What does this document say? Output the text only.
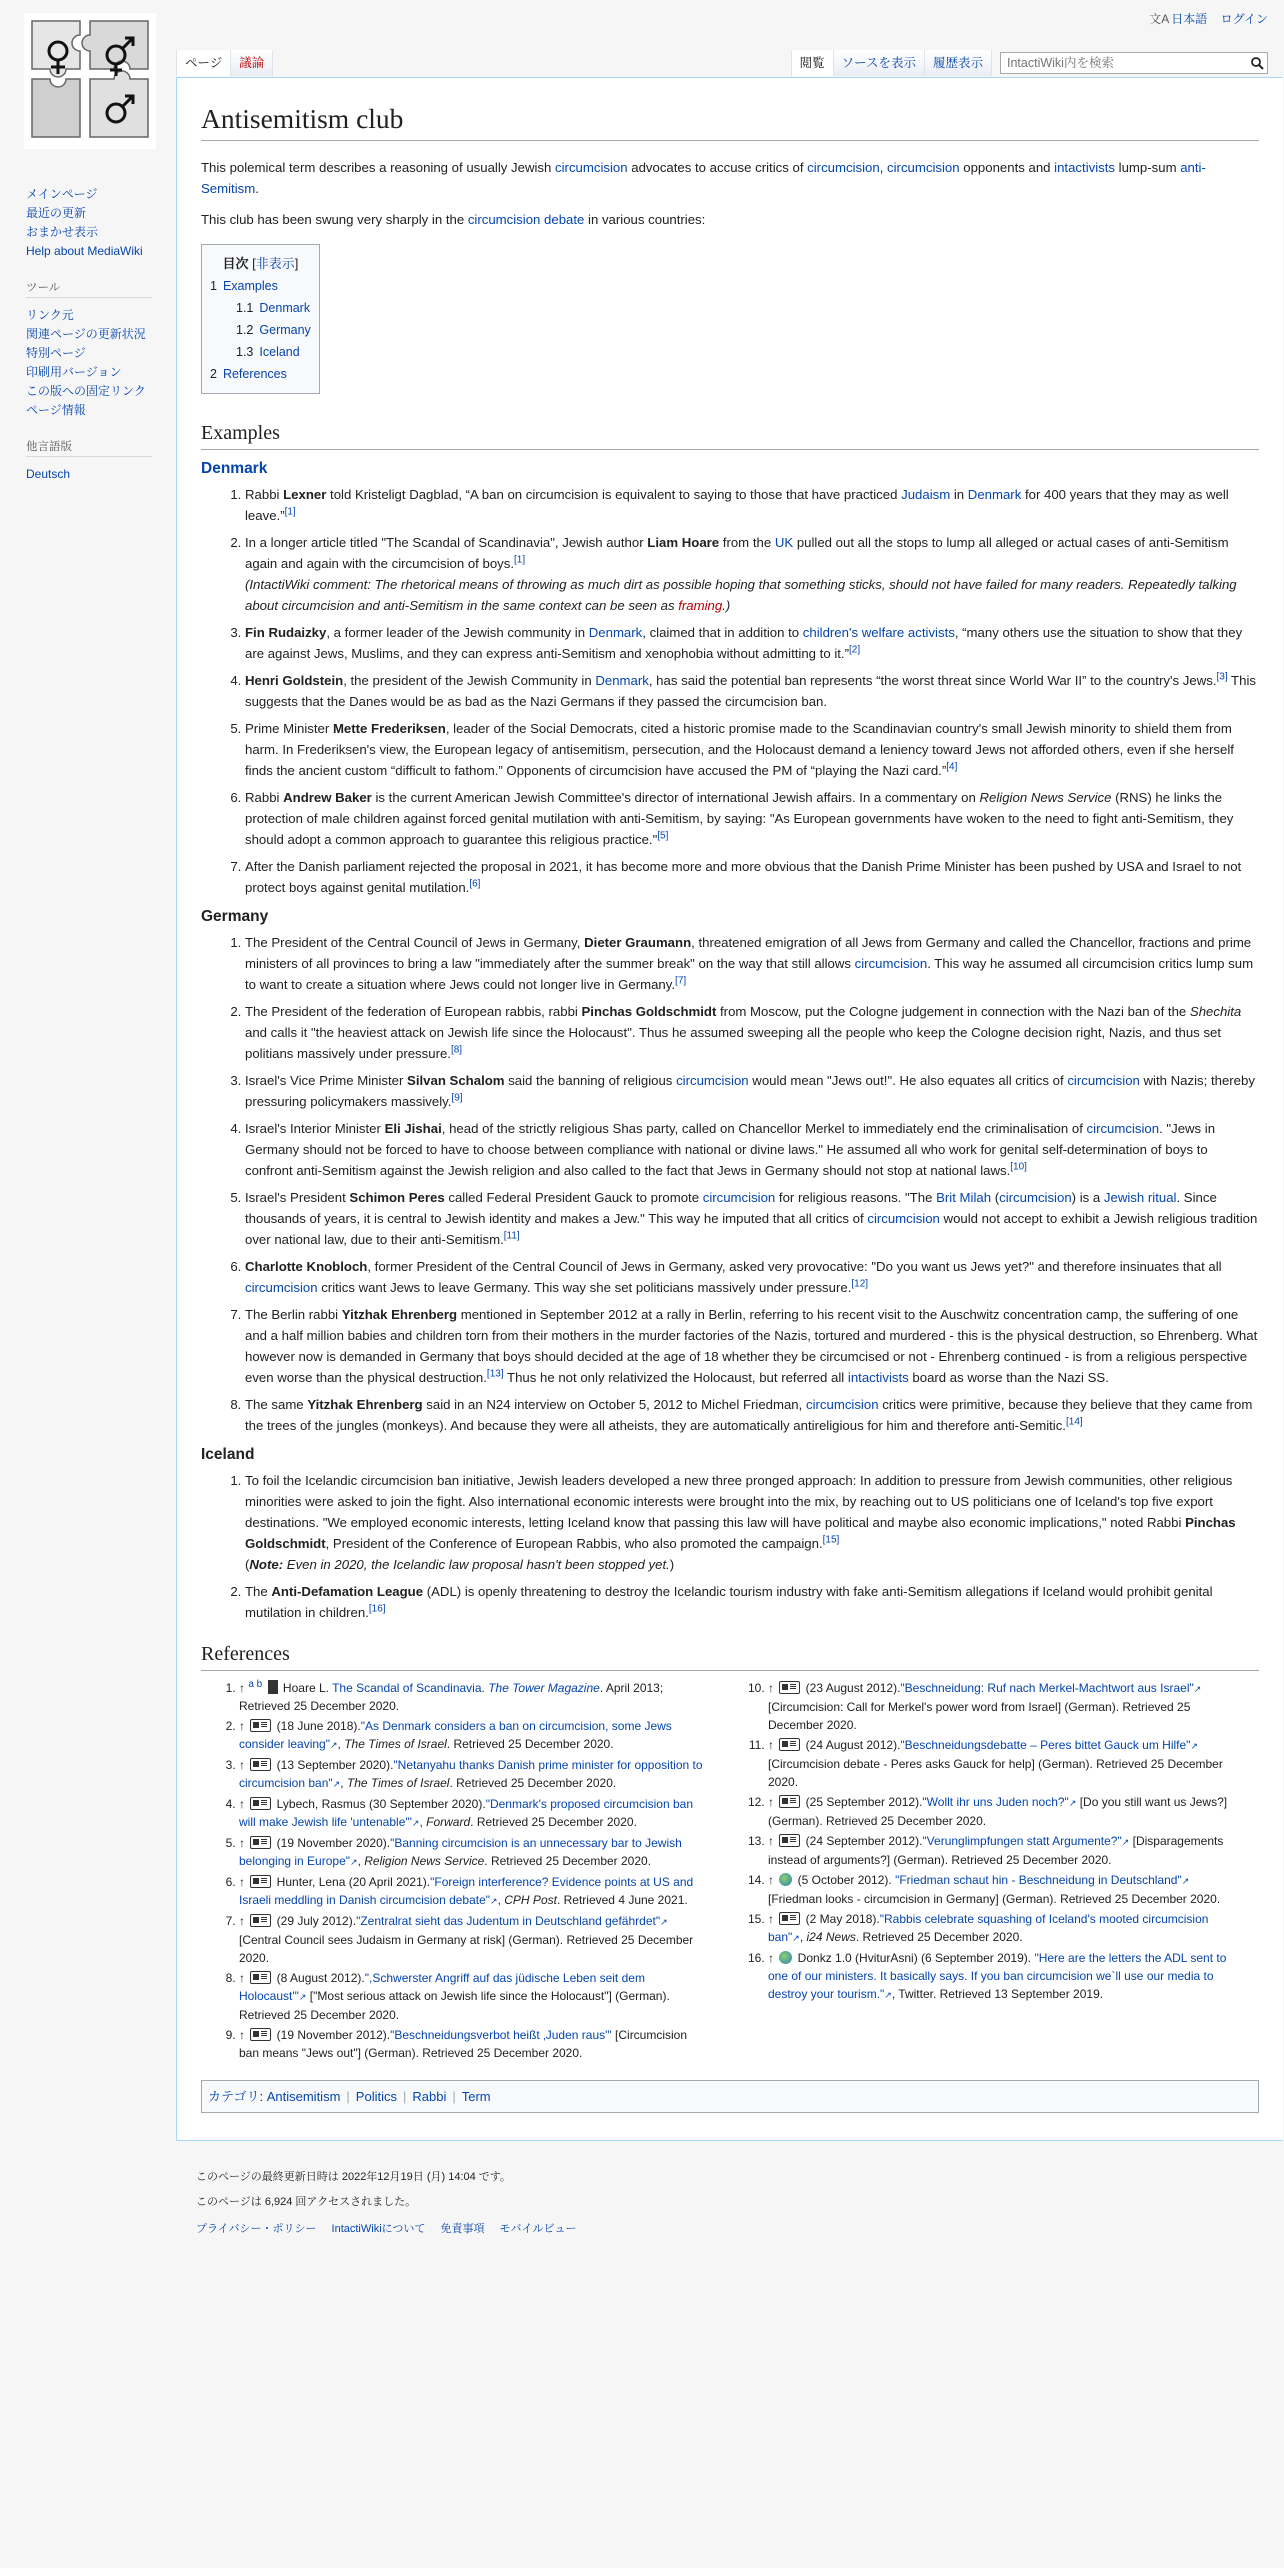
文A 日本語 ログイン
ページ	議論	閲覧	ソースを表示	履歴表示
IntactiWiki内を検索
メインページ
最近の更新
おまかせ表示
Help about MediaWiki
ツール
リンク元
関連ページの更新状況
特別ページ
印刷用バージョン
この版への固定リンク
ページ情報
他言語版
Deutsch
Antisemitism club

This polemical term describes a reasoning of usually Jewish circumcision advocates to accuse critics of circumcision, circumcision opponents and intactivists lump-sum anti-Semitism.

This club has been swung very sharply in the circumcision debate in various countries:

目次 [非表示]
1 Examples
1.1 Denmark
1.2 Germany
1.3 Iceland
2 References
Examples
Denmark
1. Rabbi Lexner told Kristeligt Dagblad, “A ban on circumcision is equivalent to saying to those that have practiced Judaism in Denmark for 400 years that they may as well leave.”[1]
2. In a longer article titled "The Scandal of Scandinavia", Jewish author Liam Hoare from the UK pulled out all the stops to lump all alleged or actual cases of anti-Semitism again and again with the circumcision of boys.[1]
(IntactiWiki comment: The rhetorical means of throwing as much dirt as possible hoping that something sticks, should not have failed for many readers. Repeatedly talking about circumcision and anti-Semitism in the same context can be seen as framing.)
3. Fin Rudaizky, a former leader of the Jewish community in Denmark, claimed that in addition to children's welfare activists, “many others use the situation to show that they are against Jews, Muslims, and they can express anti-Semitism and xenophobia without admitting to it.”[2]
4. Henri Goldstein, the president of the Jewish Community in Denmark, has said the potential ban represents “the worst threat since World War II” to the country's Jews.[3] This suggests that the Danes would be as bad as the Nazi Germans if they passed the circumcision ban.
5. Prime Minister Mette Frederiksen, leader of the Social Democrats, cited a historic promise made to the Scandinavian country's small Jewish minority to shield them from harm. In Frederiksen's view, the European legacy of antisemitism, persecution, and the Holocaust demand a leniency toward Jews not afforded others, even if she herself finds the ancient custom “difficult to fathom.” Opponents of circumcision have accused the PM of “playing the Nazi card.”[4]
6. Rabbi Andrew Baker is the current American Jewish Committee's director of international Jewish affairs. In a commentary on Religion News Service (RNS) he links the protection of male children against forced genital mutilation with anti-Semitism, by saying: "As European governments have woken to the need to fight anti-Semitism, they should adopt a common approach to guarantee this religious practice."[5]
7. After the Danish parliament rejected the proposal in 2021, it has become more and more obvious that the Danish Prime Minister has been pushed by USA and Israel to not protect boys against genital mutilation.[6]
Germany
1. The President of the Central Council of Jews in Germany, Dieter Graumann, threatened emigration of all Jews from Germany and called the Chancellor, fractions and prime ministers of all provinces to bring a law "immediately after the summer break" on the way that still allows circumcision. This way he assumed all circumcision critics lump sum to want to create a situation where Jews could not longer live in Germany.[7]
2. The President of the federation of European rabbis, rabbi Pinchas Goldschmidt from Moscow, put the Cologne judgement in connection with the Nazi ban of the Shechita and calls it "the heaviest attack on Jewish life since the Holocaust". Thus he assumed sweeping all the people who keep the Cologne decision right, Nazis, and thus set politians massively under pressure.[8]
3. Israel's Vice Prime Minister Silvan Schalom said the banning of religious circumcision would mean "Jews out!". He also equates all critics of circumcision with Nazis; thereby pressuring policymakers massively.[9]
4. Israel's Interior Minister Eli Jishai, head of the strictly religious Shas party, called on Chancellor Merkel to immediately end the criminalisation of circumcision. "Jews in Germany should not be forced to have to choose between compliance with national or divine laws." He assumed all who work for genital self-determination of boys to confront anti-Semitism against the Jewish religion and also called to the fact that Jews in Germany should not stop at national laws.[10]
5. Israel's President Schimon Peres called Federal President Gauck to promote circumcision for religious reasons. "The Brit Milah (circumcision) is a Jewish ritual. Since thousands of years, it is central to Jewish identity and makes a Jew." This way he imputed that all critics of circumcision would not accept to exhibit a Jewish religious tradition over national law, due to their anti-Semitism.[11]
6. Charlotte Knobloch, former President of the Central Council of Jews in Germany, asked very provocative: "Do you want us Jews yet?" and therefore insinuates that all circumcision critics want Jews to leave Germany. This way she set politicians massively under pressure.[12]
7. The Berlin rabbi Yitzhak Ehrenberg mentioned in September 2012 at a rally in Berlin, referring to his recent visit to the Auschwitz concentration camp, the suffering of one and a half million babies and children torn from their mothers in the murder factories of the Nazis, tortured and murdered - this is the physical destruction, so Ehrenberg. What however now is demanded in Germany that boys should decided at the age of 18 whether they be circumcised or not - Ehrenberg continued - is from a religious perspective even worse than the physical destruction.[13] Thus he not only relativized the Holocaust, but referred all intactivists board as worse than the Nazi SS.
8. The same Yitzhak Ehrenberg said in an N24 interview on October 5, 2012 to Michel Friedman, circumcision critics were primitive, because they believe that they came from the trees of the jungles (monkeys). And because they were all atheists, they are automatically antireligious for him and therefore anti-Semitic.[14]
Iceland
1. To foil the Icelandic circumcision ban initiative, Jewish leaders developed a new three pronged approach: In addition to pressure from Jewish communities, other religious minorities were asked to join the fight. Also international economic interests were brought into the mix, by reaching out to US politicians one of Iceland's top five export destinations. "We employed economic interests, letting Iceland know that passing this law will have political and maybe also economic implications," noted Rabbi Pinchas Goldschmidt, President of the Conference of European Rabbis, who also promoted the campaign.[15]
(Note: Even in 2020, the Icelandic law proposal hasn't been stopped yet.)
2. The Anti-Defamation League (ADL) is openly threatening to destroy the Icelandic tourism industry with fake anti-Semitism allegations if Iceland would prohibit genital mutilation in children.[16]
References
1. ↑ $^{a b}$  Hoare L. The Scandal of Scandinavia. The Tower Magazine. April 2013; Retrieved 25 December 2020.
2. ↑  (18 June 2018)."As Denmark considers a ban on circumcision, some Jews consider leaving"↗, The Times of Israel. Retrieved 25 December 2020.
3. ↑  (13 September 2020)."Netanyahu thanks Danish prime minister for opposition to circumcision ban"↗, The Times of Israel. Retrieved 25 December 2020.
4. ↑  Lybech, Rasmus (30 September 2020)."Denmark's proposed circumcision ban will make Jewish life 'untenable'"↗, Forward. Retrieved 25 December 2020.
5. ↑  (19 November 2020)."Banning circumcision is an unnecessary bar to Jewish belonging in Europe"↗, Religion News Service. Retrieved 25 December 2020.
6. ↑  Hunter, Lena (20 April 2021)."Foreign interference? Evidence points at US and Israeli meddling in Danish circumcision debate"↗, CPH Post. Retrieved 4 June 2021.
7. ↑  (29 July 2012)."Zentralrat sieht das Judentum in Deutschland gefährdet"↗ [Central Council sees Judaism in Germany at risk] (German). Retrieved 25 December 2020.
8. ↑  (8 August 2012).",Schwerster Angriff auf das jüdische Leben seit dem Holocaust'"↗ ["Most serious attack on Jewish life since the Holocaust"] (German). Retrieved 25 December 2020.
9. ↑  (19 November 2012)."Beschneidungsverbot heißt ‚Juden raus'" [Circumcision ban means "Jews out"] (German). Retrieved 25 December 2020.
10. ↑  (23 August 2012)."Beschneidung: Ruf nach Merkel-Machtwort aus Israel"↗ [Circumcision: Call for Merkel's power word from Israel] (German). Retrieved 25 December 2020.
11. ↑  (24 August 2012)."Beschneidungsdebatte – Peres bittet Gauck um Hilfe"↗ [Circumcision debate - Peres asks Gauck for help] (German). Retrieved 25 December 2020.
12. ↑  (25 September 2012)."Wollt ihr uns Juden noch?"↗ [Do you still want us Jews?] (German). Retrieved 25 December 2020.
13. ↑  (24 September 2012)."Verunglimpfungen statt Argumente?"↗ [Disparagements instead of arguments?] (German). Retrieved 25 December 2020.
14. ↑  (5 October 2012). "Friedman schaut hin - Beschneidung in Deutschland"↗ [Friedman looks - circumcision in Germany] (German). Retrieved 25 December 2020.
15. ↑  (2 May 2018)."Rabbis celebrate squashing of Iceland's mooted circumcision ban"↗, i24 News. Retrieved 25 December 2020.
16. ↑  Donkz 1.0 (HviturAsni) (6 September 2019). "Here are the letters the ADL sent to one of our ministers. It basically says. If you ban circumcision we`ll use our media to destroy your tourism."↗, Twitter. Retrieved 13 September 2019.
カテゴリ: Antisemitism | Politics | Rabbi | Term
このページの最終更新日時は 2022年12月19日 (月) 14:04 です。
このページは 6,924 回アクセスされました。
プライバシー・ポリシー IntactiWikiについて 免責事項 モバイルビュー
